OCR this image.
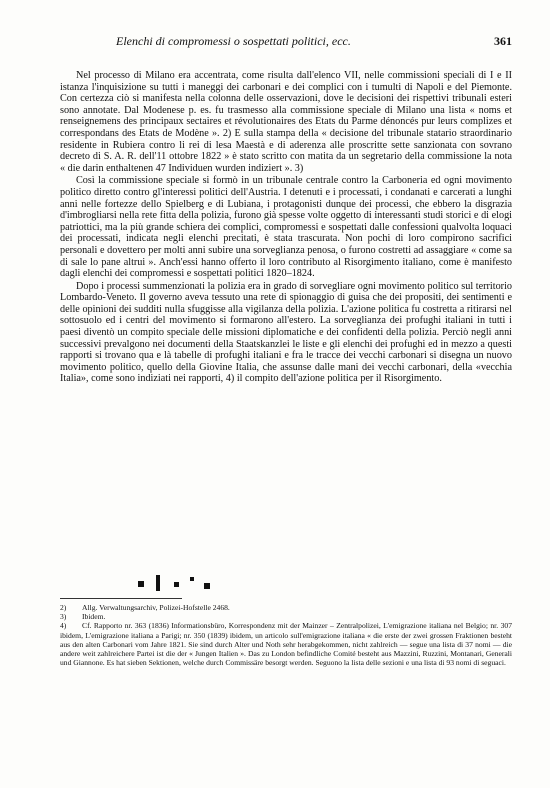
Elenchi di compromessi o sospettati politici, ecc.	361

Nel processo di Milano era accentrata, come risulta dall'elenco VII, nelle commissioni speciali di I e II istanza l'inquisizione su tutti i maneggi dei carbonari e dei complici con i tumulti di Napoli e del Piemonte. Con certezza ciò si manifesta nella colonna delle osservazioni, dove le decisioni dei rispettivi tribunali esteri sono annotate. Dal Modenese p. es. fu trasmesso alla commissione speciale di Milano una lista « noms et renseignemens des principaux sectaires et révolutionaires des Etats du Parme dénoncés pur leurs complizes et correspondans des Etats de Modène ». 2) E sulla stampa della « decisione del tribunale statario straordinario residente in Rubiera contro li rei di lesa Maestà e di aderenza alle proscritte sette sanzionata con sovrano decreto di S. A. R. dell'11 ottobre 1822 » è stato scritto con matita da un segretario della commissione la nota « die darin enthaltenen 47 Individuen wurden indiziert ». 3)

Così la commissione speciale si formò in un tribunale centrale contro la Carboneria ed ogni movimento politico diretto contro gl'interessi politici dell'Austria. I detenuti e i processati, i condanati e carcerati a lunghi anni nelle fortezze dello Spielberg e di Lubiana, i protagonisti dunque dei processi, che ebbero la disgrazia d'imbrogliarsi nella rete fitta della polizia, furono già spesse volte oggetto di interessanti studi storici e di elogi patriottici, ma la più grande schiera dei complici, compromessi e sospettati dalle confessioni qualvolta loquaci dei processati, indicata negli elenchi precitati, è stata trascurata. Non pochi di loro compirono sacrifici personali e dovettero per molti anni subire una sorveglianza penosa, o furono costretti ad assaggiare « come sa di sale lo pane altrui ». Anch'essi hanno offerto il loro contributo al Risorgimento italiano, come è manifesto dagli elenchi dei compromessi e sospettati politici 1820–1824.

Dopo i processi summenzionati la polizia era in grado di sorvegliare ogni movimento politico sul territorio Lombardo-Veneto. Il governo aveva tessuto una rete di spionaggio di guisa che dei propositi, dei sentimenti e delle opinioni dei sudditi nulla sfuggisse alla vigilanza della polizia. L'azione politica fu costretta a ritirarsi nel sottosuolo ed i centri del movimento si formarono all'estero. La sorveglianza dei profughi italiani in tutti i paesi diventò un compito speciale delle missioni diplomatiche e dei confidenti della polizia. Perciò negli anni successivi prevalgono nei documenti della Staatskanzlei le liste e gli elenchi dei profughi ed in mezzo a questi rapporti si trovano qua e là tabelle di profughi italiani e fra le tracce dei vecchi carbonari si disegna un nuovo movimento politico, quello della Giovine Italia, che assunse dalle mani dei vecchi carbonari, della «vecchia Italia», come sono indiziati nei rapporti, 4) il compito dell'azione politica per il Risorgimento.

2) Allg. Verwaltungsarchiv, Polizei-Hofstelle 2468.

3) Ibidem.

4) Cf. Rapporto nr. 363 (1836) Informationsbüro, Korrespondenz mit der Mainzer – Zentralpolizei, L'emigrazione italiana nel Belgio; nr. 307 ibidem, L'emigrazione italiana a Parigi; nr. 350 (1839) ibidem, un articolo sull'emigrazione italiana « die erste der zwei grossen Fraktionen besteht aus den alten Carbonari vom Jahre 1821. Sie sind durch Alter und Noth sehr herabgekommen, nicht zahlreich — segue una lista di 37 nomi — die andere weit zahlreichere Partei ist die der « Jungen Italien ». Das zu London befindliche Comité besteht aus Mazzini, Ruzzini, Montanari, Generali und Giannone. Es hat sieben Sektionen, welche durch Commissäre besorgt werden. Seguono la lista delle sezioni e una lista di 93 nomi di seguaci.
